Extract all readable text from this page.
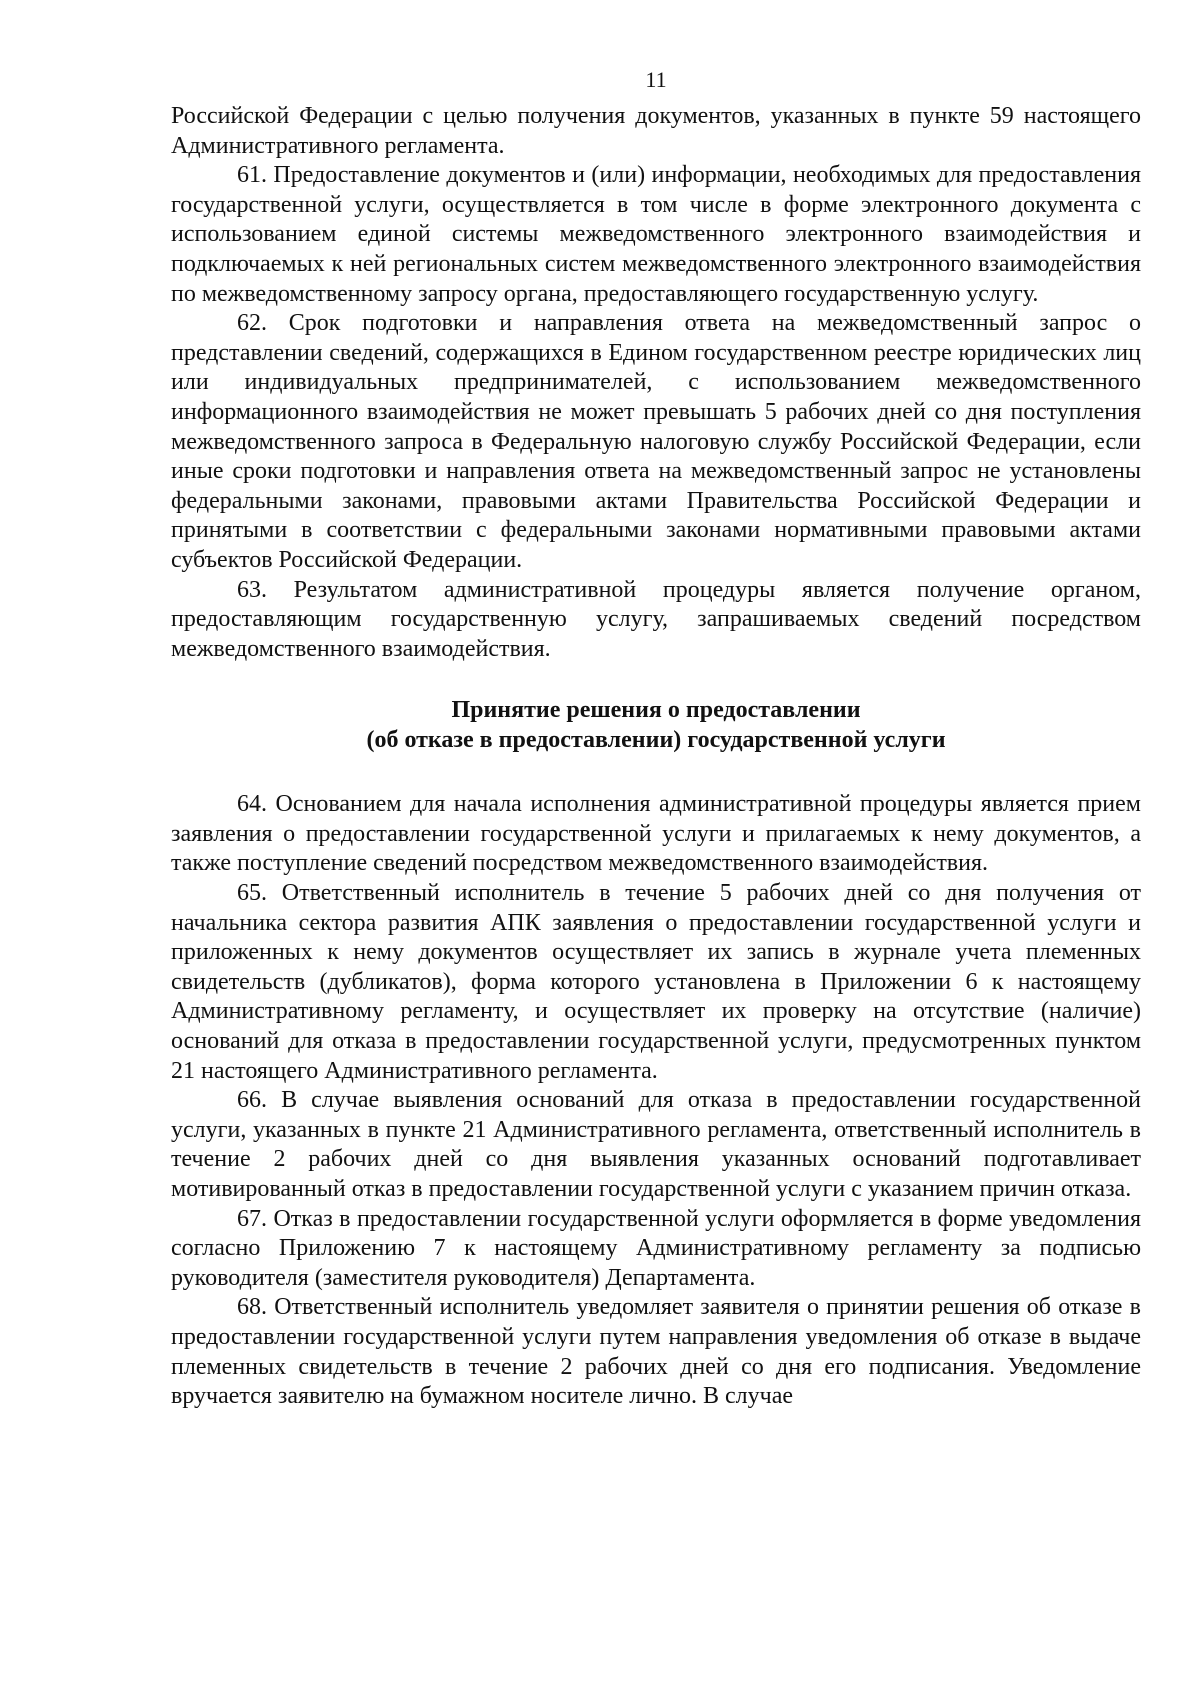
11

Российской Федерации с целью получения документов, указанных в пункте 59 настоящего Административного регламента.

61. Предоставление документов и (или) информации, необходимых для предоставления государственной услуги, осуществляется в том числе в форме электронного документа с использованием единой системы межведомственного электронного взаимодействия и подключаемых к ней региональных систем межведомственного электронного взаимодействия по межведомственному запросу органа, предоставляющего государственную услугу.

62. Срок подготовки и направления ответа на межведомственный запрос о представлении сведений, содержащихся в Едином государственном реестре юридических лиц или индивидуальных предпринимателей, с использованием межведомственного информационного взаимодействия не может превышать 5 рабочих дней со дня поступления межведомственного запроса в Федеральную налоговую службу Российской Федерации, если иные сроки подготовки и направления ответа на межведомственный запрос не установлены федеральными законами, правовыми актами Правительства Российской Федерации и принятыми в соответствии с федеральными законами нормативными правовыми актами субъектов Российской Федерации.

63. Результатом административной процедуры является получение органом, предоставляющим государственную услугу, запрашиваемых сведений посредством межведомственного взаимодействия.

Принятие решения о предоставлении
(об отказе в предоставлении) государственной услуги

64. Основанием для начала исполнения административной процедуры является прием заявления о предоставлении государственной услуги и прилагаемых к нему документов, а также поступление сведений посредством межведомственного взаимодействия.

65. Ответственный исполнитель в течение 5 рабочих дней со дня получения от начальника сектора развития АПК заявления о предоставлении государственной услуги и приложенных к нему документов осуществляет их запись в журнале учета племенных свидетельств (дубликатов), форма которого установлена в Приложении 6 к настоящему Административному регламенту, и осуществляет их проверку на отсутствие (наличие) оснований для отказа в предоставлении государственной услуги, предусмотренных пунктом 21 настоящего Административного регламента.

66. В случае выявления оснований для отказа в предоставлении государственной услуги, указанных в пункте 21 Административного регламента, ответственный исполнитель в течение 2 рабочих дней со дня выявления указанных оснований подготавливает мотивированный отказ в предоставлении государственной услуги с указанием причин отказа.

67. Отказ в предоставлении государственной услуги оформляется в форме уведомления согласно Приложению 7 к настоящему Административному регламенту за подписью руководителя (заместителя руководителя) Департамента.

68. Ответственный исполнитель уведомляет заявителя о принятии решения об отказе в предоставлении государственной услуги путем направления уведомления об отказе в выдаче племенных свидетельств в течение 2 рабочих дней со дня его подписания. Уведомление вручается заявителю на бумажном носителе лично. В случае
